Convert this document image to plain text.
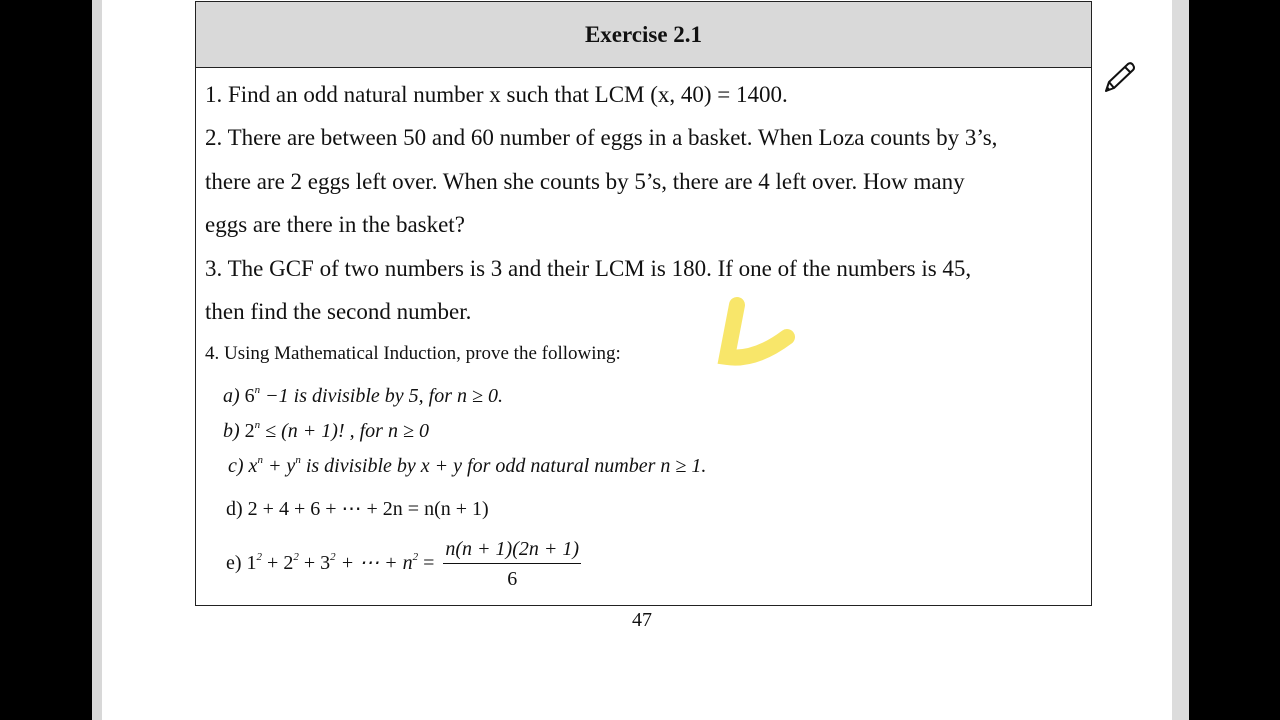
Exercise 2.1
1. Find an odd natural number x such that LCM (x, 40) = 1400.
2. There are between 50 and 60 number of eggs in a basket. When Loza counts by 3’s,
there are 2 eggs left over. When she counts by 5’s, there are 4 left over. How many
eggs are there in the basket?
3. The GCF of two numbers is 3 and their LCM is 180. If one of the numbers is 45,
then find the second number.
4. Using Mathematical Induction, prove the following:
a) $6^n -1$ is divisible by 5, for n ≥ 0.
b) $2^n \le (n + 1)$! , for n ≥ 0
c) $x^n + y^n$ is divisible by x + y for odd natural number n ≥ 1.
d) 2 + 4 + 6 + ⋯ + 2n = n(n + 1)
e) $1^2 + 2^2 + 3^2$ + ⋯ + $n^2 = \frac{n(n + 1)(2n + 1)}{6}$
47
